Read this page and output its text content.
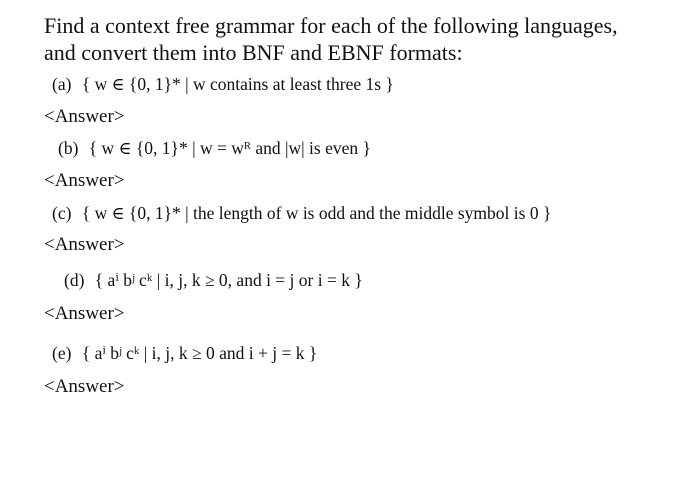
Find a context free grammar for each of the following languages,
and convert them into BNF and EBNF formats:
(a) { w ∈ {0, 1}* | w contains at least three 1s }
<Answer>
(b) { w ∈ {0, 1}* | w = wᴿ and |w| is even }
<Answer>
(c) { w ∈ {0, 1}* | the length of w is odd and the middle symbol is 0 }
<Answer>
(d) { aⁱ bʲ cᵏ | i, j, k ≥ 0, and i = j or i = k }
<Answer>
(e) { aⁱ bʲ cᵏ | i, j, k ≥ 0 and i + j = k }
<Answer>
